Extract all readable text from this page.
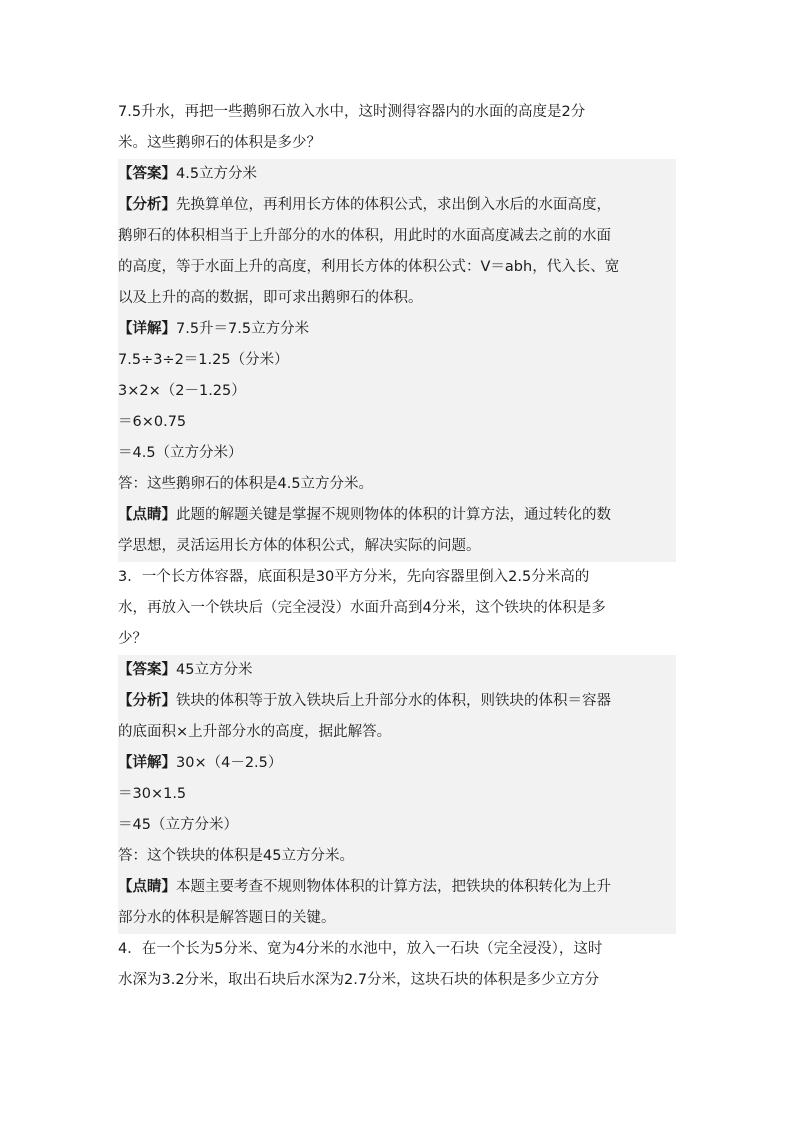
7.5升水，再把一些鹅卵石放入水中，这时测得容器内的水面的高度是2分
米。这些鹅卵石的体积是多少？
【答案】4.5立方分米
【分析】先换算单位，再利用长方体的体积公式，求出倒入水后的水面高度，
鹅卵石的体积相当于上升部分的水的体积，用此时的水面高度减去之前的水面
的高度，等于水面上升的高度，利用长方体的体积公式：V＝abh，代入长、宽
以及上升的高的数据，即可求出鹅卵石的体积。
【详解】7.5升＝7.5立方分米
7.5÷3÷2＝1.25（分米）
3×2×（2－1.25）
＝6×0.75
＝4.5（立方分米）
答：这些鹅卵石的体积是4.5立方分米。
【点睛】此题的解题关键是掌握不规则物体的体积的计算方法，通过转化的数
学思想，灵活运用长方体的体积公式，解决实际的问题。
3．一个长方体容器，底面积是30平方分米，先向容器里倒入2.5分米高的
水，再放入一个铁块后（完全浸没）水面升高到4分米，这个铁块的体积是多
少？
【答案】45立方分米
【分析】铁块的体积等于放入铁块后上升部分水的体积，则铁块的体积＝容器
的底面积×上升部分水的高度，据此解答。
【详解】30×（4－2.5）
＝30×1.5
＝45（立方分米）
答：这个铁块的体积是45立方分米。
【点睛】本题主要考查不规则物体体积的计算方法，把铁块的体积转化为上升
部分水的体积是解答题日的关键。
4．在一个长为5分米、宽为4分米的水池中，放入一石块（完全浸没），这时
水深为3.2分米，取出石块后水深为2.7分米，这块石块的体积是多少立方分
